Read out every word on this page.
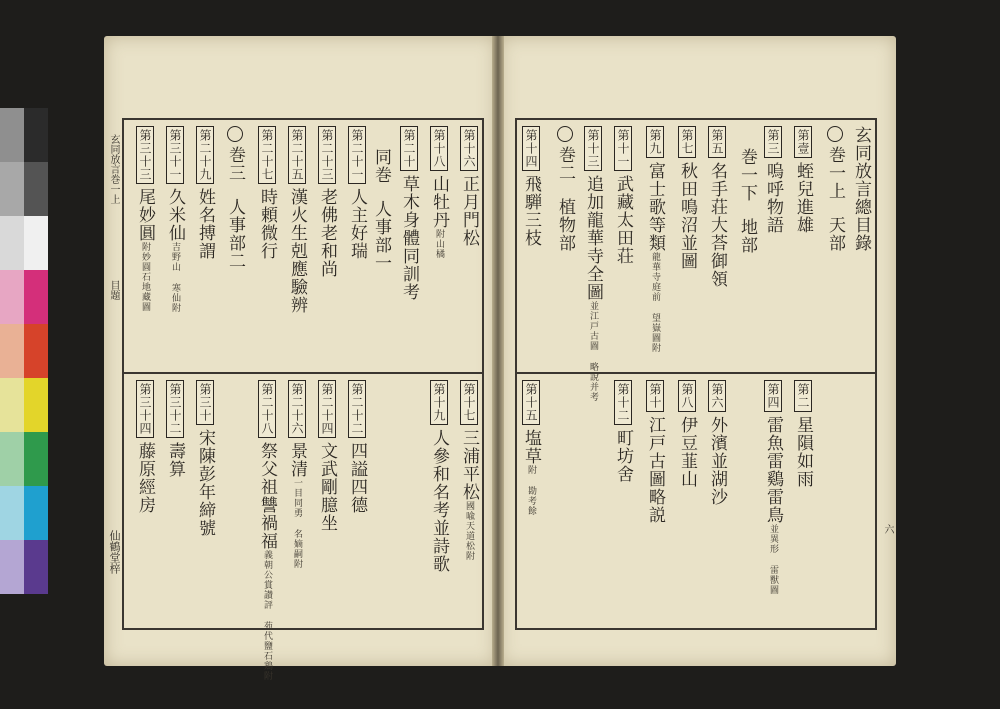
玄同放言巻一上
目題
仙鶴堂梓
六
玄同放言總目錄
巻一上天部
第壹蛭兒進雄
第三嗚呼物語
巻一下地部
第五名手荘大荅御領
第七秋田鳴沼並圖
第九富士歌等類龍華寺庭前 望嶽圖附
第十一武藏太田荘
第十三追加龍華寺全圖並江戸古圖 略說并考
巻二植物部
第十四飛騨三枝
第二星隕如雨
第四雷魚雷鷄雷鳥並異形 雷獸圖
第六外濱並湖沙
第八伊豆韮山
第十江戸古圖略説
第十二町坊舍
第十五塩草附 勘考餘
第十六正月門松
第十八山牡丹附山橘
第二十草木身體同訓考
第二十一人主好瑞
第二十三老佛老和尚
第二十五漢火生剋應驗辨
第二十七時頼微行
第二十九姓名搏謂
第三十一久米仙吉野山 寒仙附
第三十三尾妙圓附妙圓石地藏圖
同巻人事部一
巻三人事部二
第十七三浦平松國喩天道松附
第十九人參和名考並詩歌
第二十二四謚四德
第二十四文武剛臆坐
第二十六景清一目同勇 名嫡嗣附
第二十八祭父祖讐禍福義朝公賞讃評 苑代鹽石鶏附
第三十宋陳彭年締號
第三十二壽算
第三十四藤原經房
